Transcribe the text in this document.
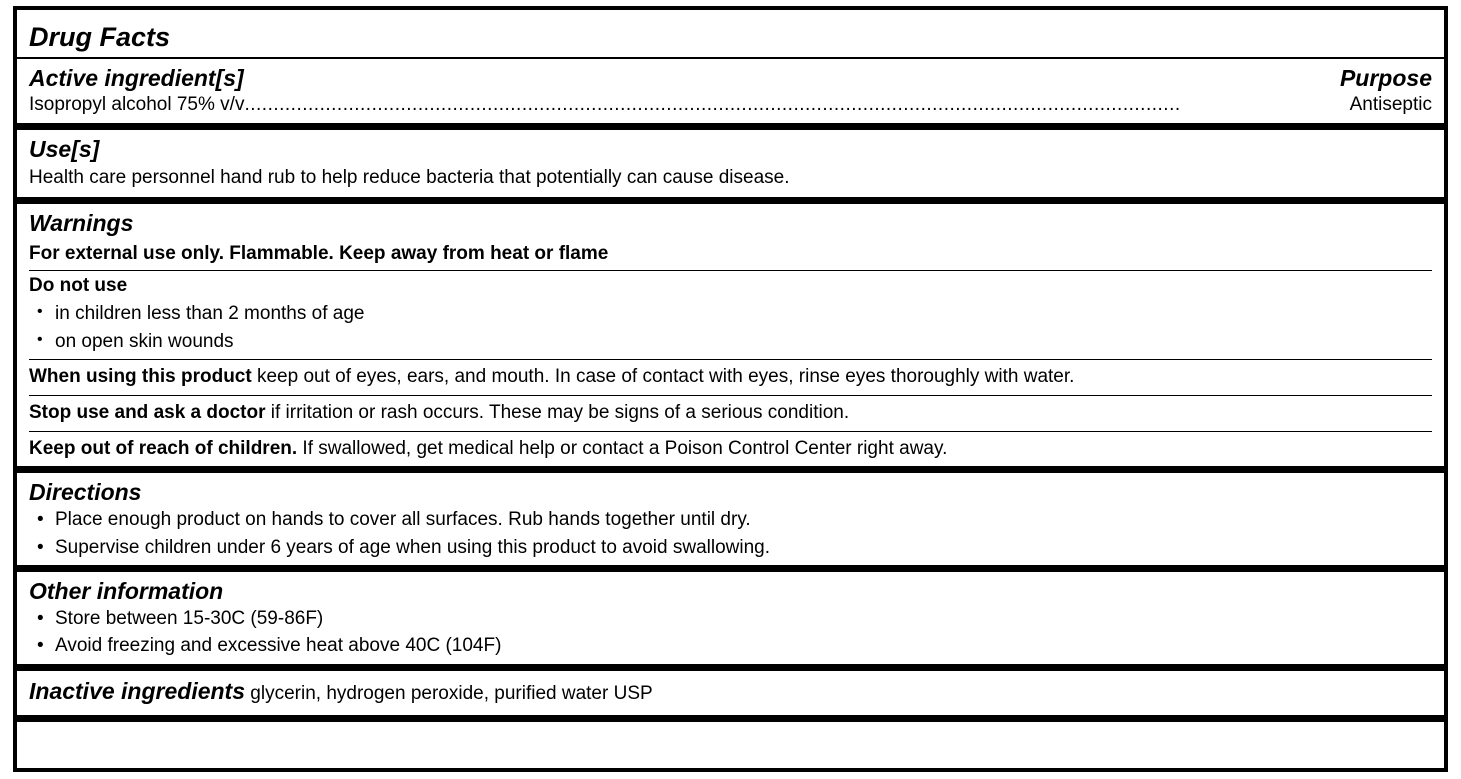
Drug Facts
Active ingredient[s]	Purpose
Isopropyl alcohol 75% v/v ..................................................................................................................................................................	Antiseptic
Use[s]
Health care personnel hand rub to help reduce bacteria that potentially can cause disease.
Warnings
For external use only. Flammable. Keep away from heat or flame
Do not use
• in children less than 2 months of age
• on open skin wounds
When using this product keep out of eyes, ears, and mouth. In case of contact with eyes, rinse eyes thoroughly with water.
Stop use and ask a doctor if irritation or rash occurs. These may be signs of a serious condition.
Keep out of reach of children. If swallowed, get medical help or contact a Poison Control Center right away.
Directions
• Place enough product on hands to cover all surfaces. Rub hands together until dry.
• Supervise children under 6 years of age when using this product to avoid swallowing.
Other information
• Store between 15-30C (59-86F)
• Avoid freezing and excessive heat above 40C (104F)
Inactive ingredients glycerin, hydrogen peroxide, purified water USP
